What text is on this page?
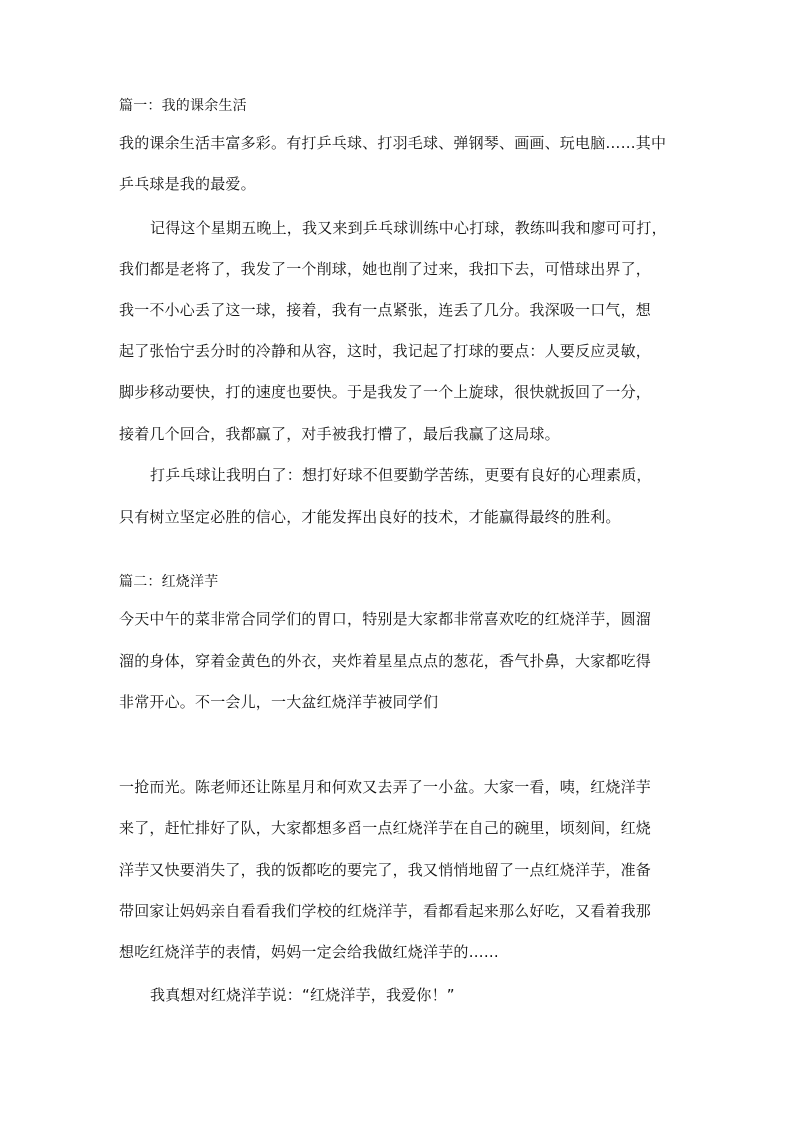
篇一：我的课余生活
我的课余生活丰富多彩。有打乒乓球、打羽毛球、弹钢琴、画画、玩电脑……其中
乒乓球是我的最爱。
记得这个星期五晚上，我又来到乒乓球训练中心打球，教练叫我和廖可可打，
我们都是老将了，我发了一个削球，她也削了过来，我扣下去，可惜球出界了，
我一不小心丢了这一球，接着，我有一点紧张，连丢了几分。我深吸一口气，想
起了张怡宁丢分时的冷静和从容，这时，我记起了打球的要点：人要反应灵敏，
脚步移动要快，打的速度也要快。于是我发了一个上旋球，很快就扳回了一分，
接着几个回合，我都赢了，对手被我打懵了，最后我赢了这局球。
打乒乓球让我明白了：想打好球不但要勤学苦练，更要有良好的心理素质，
只有树立坚定必胜的信心，才能发挥出良好的技术，才能赢得最终的胜利。
篇二：红烧洋芋
今天中午的菜非常合同学们的胃口，特别是大家都非常喜欢吃的红烧洋芋，圆溜
溜的身体，穿着金黄色的外衣，夹炸着星星点点的葱花，香气扑鼻，大家都吃得
非常开心。不一会儿，一大盆红烧洋芋被同学们
一抢而光。陈老师还让陈星月和何欢又去弄了一小盆。大家一看，咦，红烧洋芋
来了，赶忙排好了队，大家都想多舀一点红烧洋芋在自己的碗里，顷刻间，红烧
洋芋又快要消失了，我的饭都吃的要完了，我又悄悄地留了一点红烧洋芋，准备
带回家让妈妈亲自看看我们学校的红烧洋芋，看都看起来那么好吃，又看着我那
想吃红烧洋芋的表情，妈妈一定会给我做红烧洋芋的……
我真想对红烧洋芋说：“红烧洋芋，我爱你！”
